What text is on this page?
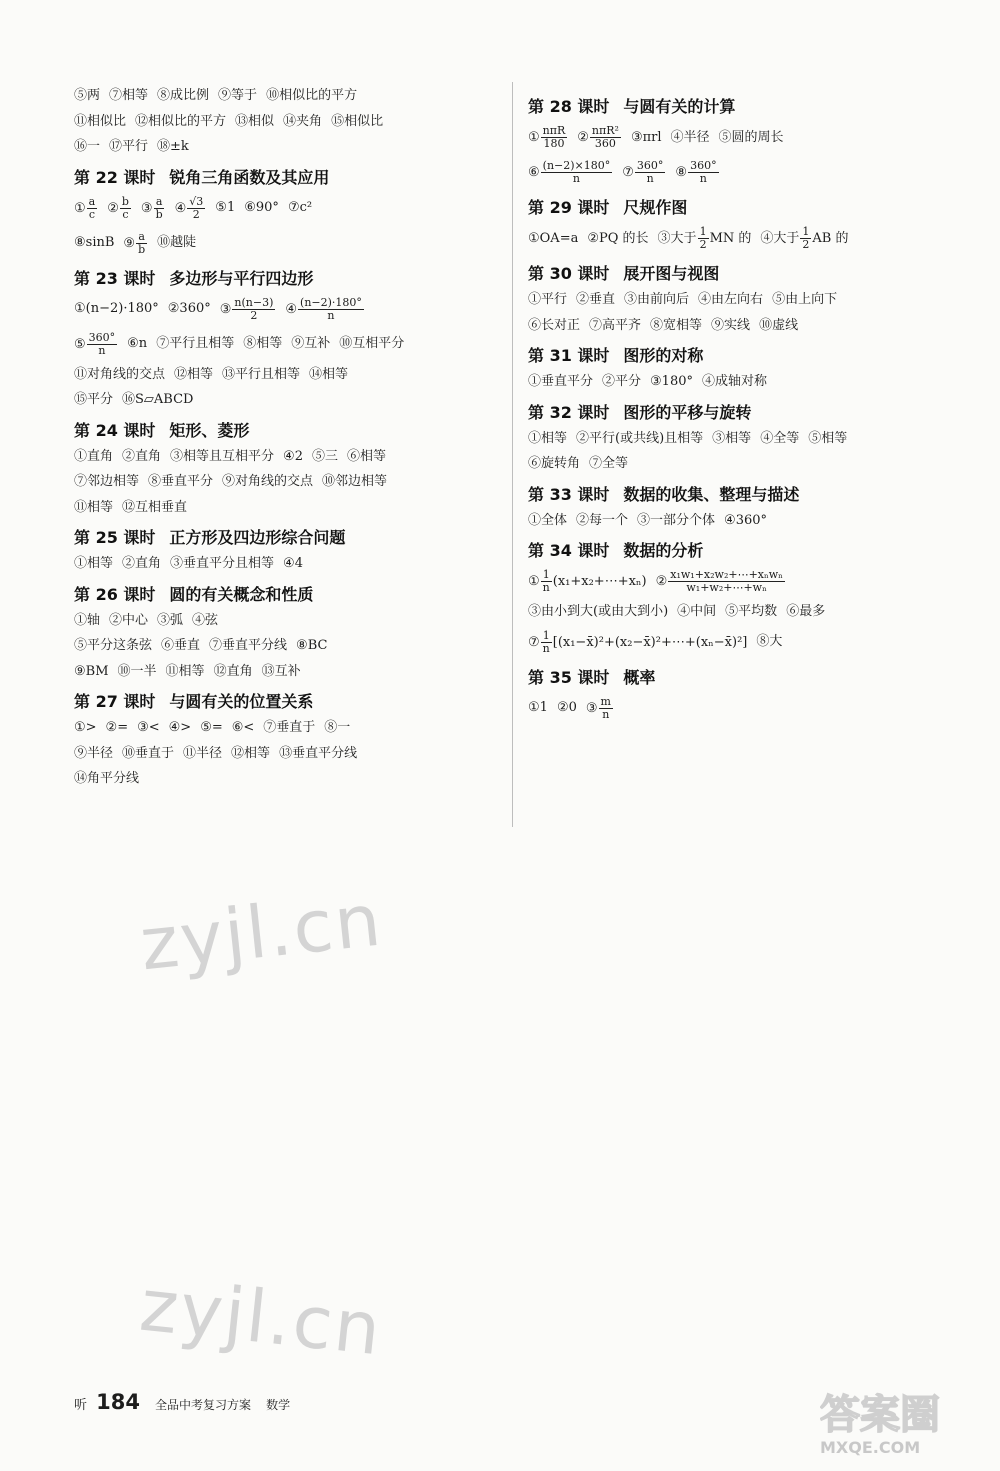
⑤两 ⑦相等 ⑧成比例 ⑨等于 ⑩相似比的平方
⑪相似比 ⑫相似比的平方 ⑬相似 ⑭夹角 ⑮相似比
⑯一 ⑰平行 ⑱±k
第 22 课时 锐角三角函数及其应用
① $\frac{a}{c}$ ② $\frac{b}{c}$ ③ $\frac{a}{b}$ ④ $\frac{√3}{2}$ ⑤1 ⑥90° ⑦c²
⑧sinB ⑨ $\frac{a}{b}$ ⑩越陡
第 23 课时 多边形与平行四边形
①(n−2)·180° ②360° ③ $\frac{n(n-3)}{2}$ ④ $\frac{(n-2)\cdot 180^\circ}{n}$
⑤ $\frac{360^\circ}{n}$ ⑥n ⑦平行且相等 ⑧相等 ⑨互补 ⑩互相平分
⑪对角线的交点 ⑫相等 ⑬平行且相等 ⑭相等
⑮平分 ⑯S▱ABCD
第 24 课时 矩形、菱形
①直角 ②直角 ③相等且互相平分 ④2 ⑤三 ⑥相等
⑦邻边相等 ⑧垂直平分 ⑨对角线的交点 ⑩邻边相等
⑪相等 ⑫互相垂直
第 25 课时 正方形及四边形综合问题
①相等 ②直角 ③垂直平分且相等 ④4
第 26 课时 圆的有关概念和性质
①轴 ②中心 ③弧 ④弦
⑤平分这条弦 ⑥垂直 ⑦垂直平分线 ⑧BC
⑨BM ⑩一半 ⑪相等 ⑫直角 ⑬互补
第 27 课时 与圆有关的位置关系
①> ②= ③< ④> ⑤= ⑥< ⑦垂直于 ⑧一
⑨半径 ⑩垂直于 ⑪半径 ⑫相等 ⑬垂直平分线
⑭角平分线
第 28 课时 与圆有关的计算
① $\frac{\text{nπR}}{180}$ ② $\frac{\text{nπR²}}{360}$ ③πrl ④半径 ⑤圆的周长
⑥ $\frac{(n-2)\times 180^\circ}{n}$ ⑦ $\frac{360^\circ}{n}$ ⑧ $\frac{360^\circ}{n}$
第 29 课时 尺规作图
①OA=a ②PQ 的长 ③大于 $\frac{1}{2}$ MN 的 ④大于 $\frac{1}{2}$ AB 的
第 30 课时 展开图与视图
①平行 ②垂直 ③由前向后 ④由左向右 ⑤由上向下
⑥长对正 ⑦高平齐 ⑧宽相等 ⑨实线 ⑩虚线
第 31 课时 图形的对称
①垂直平分 ②平分 ③180° ④成轴对称
第 32 课时 图形的平移与旋转
①相等 ②平行(或共线)且相等 ③相等 ④全等 ⑤相等
⑥旋转角 ⑦全等
第 33 课时 数据的收集、整理与描述
①全体 ②每一个 ③一部分个体 ④360°
第 34 课时 数据的分析
① $\frac{1}{n}$ (x₁+x₂+⋯+xₙ) ② $\frac{\text{x₁w₁+x₂w₂+⋯+xₙwₙ}}{\text{w₁+w₂+⋯+wₙ}}$
③由小到大(或由大到小) ④中间 ⑤平均数 ⑥最多
⑦ $\frac{1}{n}$ [(x₁−x̄)²+(x₂−x̄)²+⋯+(xₙ−x̄)²] ⑧大
第 35 课时 概率
①1 ②0 ③ $\frac{m}{n}$
zyjl.cn
zyjl.cn
听 184 全品中考复习方案 数学	答案圈
MXQE.COM
